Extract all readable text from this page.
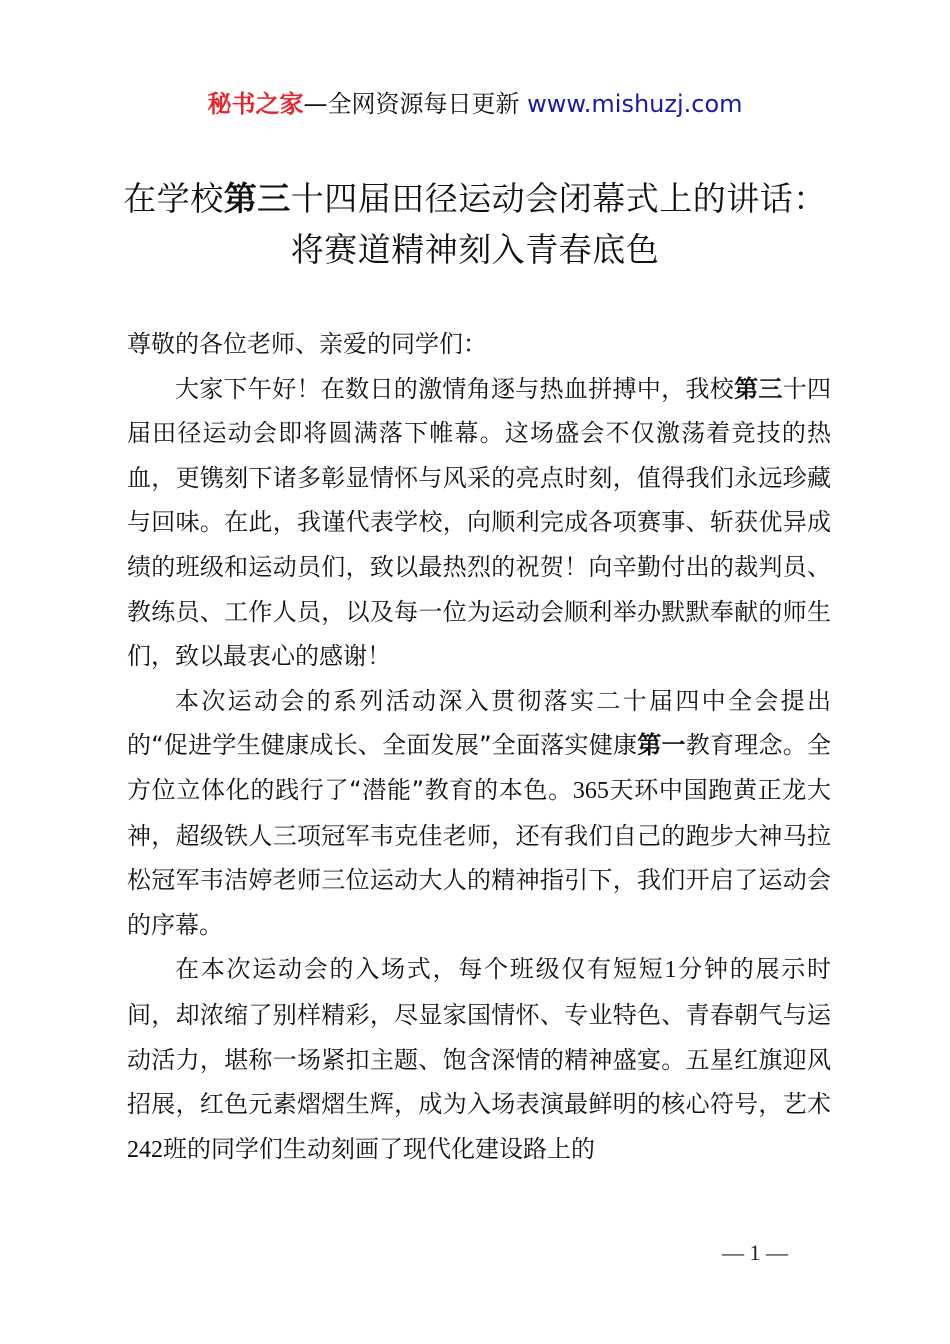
秘书之家—全网资源每日更新 www.mishuzj.com
在学校第三十四届田径运动会闭幕式上的讲话：
将赛道精神刻入青春底色

尊敬的各位老师、亲爱的同学们：

大家下午好！在数日的激情角逐与热血拼搏中，我校第三十四届田径运动会即将圆满落下帷幕。这场盛会不仅激荡着竞技的热血，更镌刻下诸多彰显情怀与风采的亮点时刻，值得我们永远珍藏与回味。在此，我谨代表学校，向顺利完成各项赛事、斩获优异成绩的班级和运动员们，致以最热烈的祝贺！向辛勤付出的裁判员、教练员、工作人员，以及每一位为运动会顺利举办默默奉献的师生们，致以最衷心的感谢！

本次运动会的系列活动深入贯彻落实二十届四中全会提出的“促进学生健康成长、全面发展”全面落实健康第一教育理念。全方位立体化的践行了“潜能”教育的本色。365天环中国跑黄正龙大神，超级铁人三项冠军韦克佳老师，还有我们自己的跑步大神马拉松冠军韦洁婷老师三位运动大人的精神指引下，我们开启了运动会的序幕。

在本次运动会的入场式，每个班级仅有短短1分钟的展示时间，却浓缩了别样精彩，尽显家国情怀、专业特色、青春朝气与运动活力，堪称一场紧扣主题、饱含深情的精神盛宴。五星红旗迎风招展，红色元素熠熠生辉，成为入场表演最鲜明的核心符号，艺术242班的同学们生动刻画了现代化建设路上的

— 1 —
